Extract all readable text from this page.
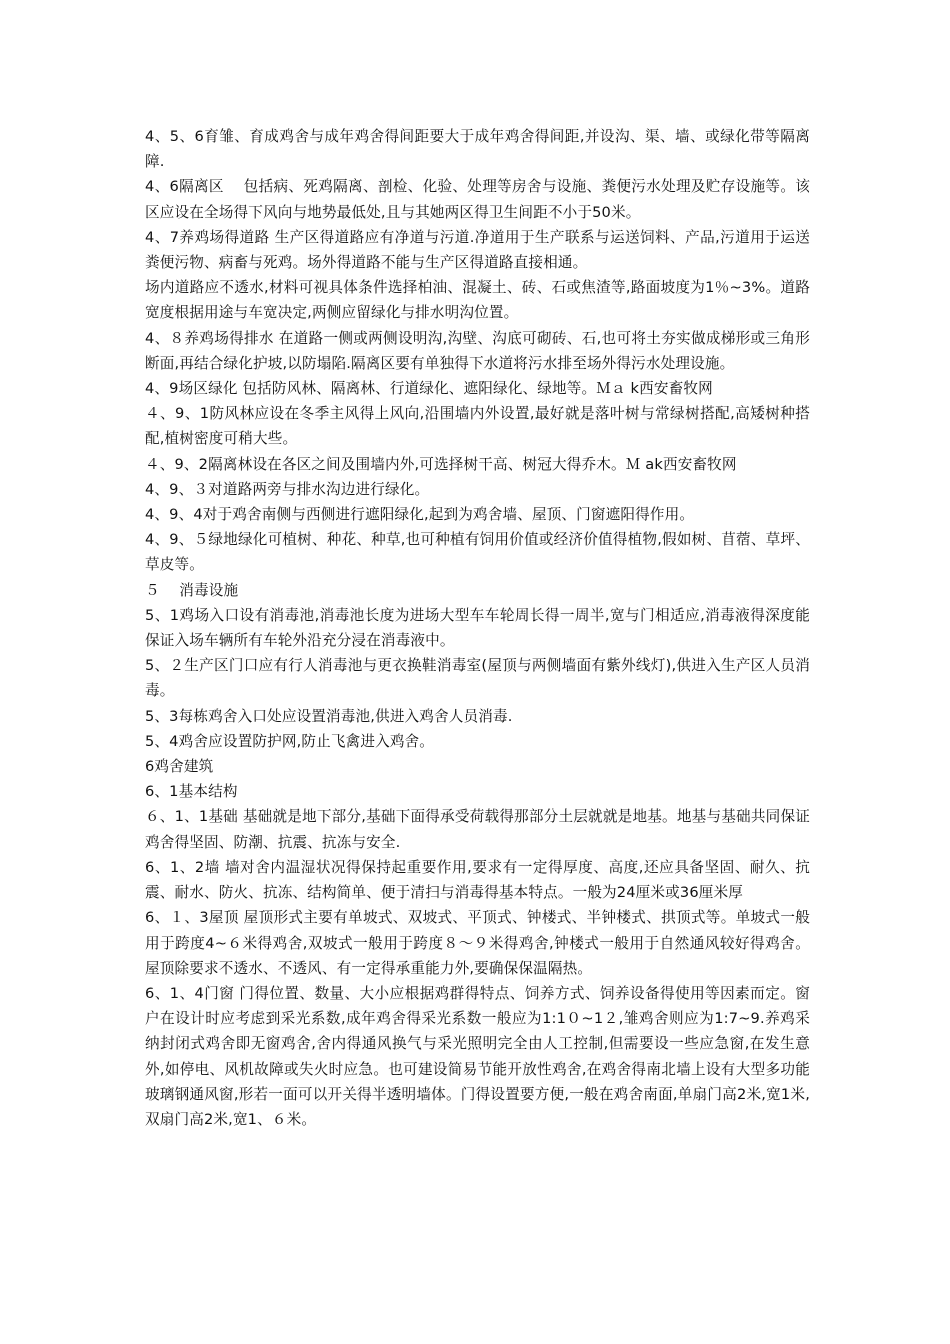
4、5、6育雏、育成鸡舍与成年鸡舍得间距要大于成年鸡舍得间距,并设沟、渠、墙、或绿化带等隔离障.

4、6隔离区　 包括病、死鸡隔离、剖检、化验、处理等房舍与设施、粪便污水处理及贮存设施等。该区应设在全场得下风向与地势最低处,且与其她两区得卫生间距不小于50米。

4、7养鸡场得道路 生产区得道路应有净道与污道.净道用于生产联系与运送饲料、产品,污道用于运送粪便污物、病畜与死鸡。场外得道路不能与生产区得道路直接相通。

场内道路应不透水,材料可视具体条件选择柏油、混凝土、砖、石或焦渣等,路面坡度为1％~3%。道路宽度根据用途与车宽决定,两侧应留绿化与排水明沟位置。

4、８养鸡场得排水 在道路一侧或两侧设明沟,沟壁、沟底可砌砖、石,也可将土夯实做成梯形或三角形断面,再结合绿化护坡,以防塌陷.隔离区要有单独得下水道将污水排至场外得污水处理设施。

4、9场区绿化 包括防风林、隔离林、行道绿化、遮阳绿化、绿地等。Ｍａ k西安畜牧网

４、9、1防风林应设在冬季主风得上风向,沿围墙内外设置,最好就是落叶树与常绿树搭配,高矮树种搭配,植树密度可稍大些。

４、9、2隔离林设在各区之间及围墙内外,可选择树干高、树冠大得乔木。Ｍ ak西安畜牧网

4、9、３对道路两旁与排水沟边进行绿化。

4、9、4对于鸡舍南侧与西侧进行遮阳绿化,起到为鸡舍墙、屋顶、门窗遮阳得作用。

4、9、５绿地绿化可植树、种花、种草,也可种植有饲用价值或经济价值得植物,假如树、苜蓿、草坪、草皮等。

５　 消毒设施

5、1鸡场入口设有消毒池,消毒池长度为进场大型车车轮周长得一周半,宽与门相适应,消毒液得深度能保证入场车辆所有车轮外沿充分浸在消毒液中。

5、２生产区门口应有行人消毒池与更衣换鞋消毒室(屋顶与两侧墙面有紫外线灯),供进入生产区人员消毒。

5、3每栋鸡舍入口处应设置消毒池,供进入鸡舍人员消毒.

5、4鸡舍应设置防护网,防止飞禽进入鸡舍。

6鸡舍建筑

6、1基本结构

６、1、1基础 基础就是地下部分,基础下面得承受荷载得那部分土层就就是地基。地基与基础共同保证鸡舍得坚固、防潮、抗震、抗冻与安全.

6、1、2墙 墙对舍内温湿状况得保持起重要作用,要求有一定得厚度、高度,还应具备坚固、耐久、抗震、耐水、防火、抗冻、结构简单、便于清扫与消毒得基本特点。一般为24厘米或36厘米厚

6、１、3屋顶 屋顶形式主要有单坡式、双坡式、平顶式、钟楼式、半钟楼式、拱顶式等。单坡式一般用于跨度4~６米得鸡舍,双坡式一般用于跨度８～９米得鸡舍,钟楼式一般用于自然通风较好得鸡舍。屋顶除要求不透水、不透风、有一定得承重能力外,要确保保温隔热。

6、1、4门窗 门得位置、数量、大小应根据鸡群得特点、饲养方式、饲养设备得使用等因素而定。窗户在设计时应考虑到采光系数,成年鸡舍得采光系数一般应为1:1０~1２,雏鸡舍则应为1:7~9.养鸡采纳封闭式鸡舍即无窗鸡舍,舍内得通风换气与采光照明完全由人工控制,但需要设一些应急窗,在发生意外,如停电、风机故障或失火时应急。也可建设简易节能开放性鸡舍,在鸡舍得南北墙上设有大型多功能玻璃钢通风窗,形若一面可以开关得半透明墙体。门得设置要方便,一般在鸡舍南面,单扇门高2米,宽1米,双扇门高2米,宽1、６米。
